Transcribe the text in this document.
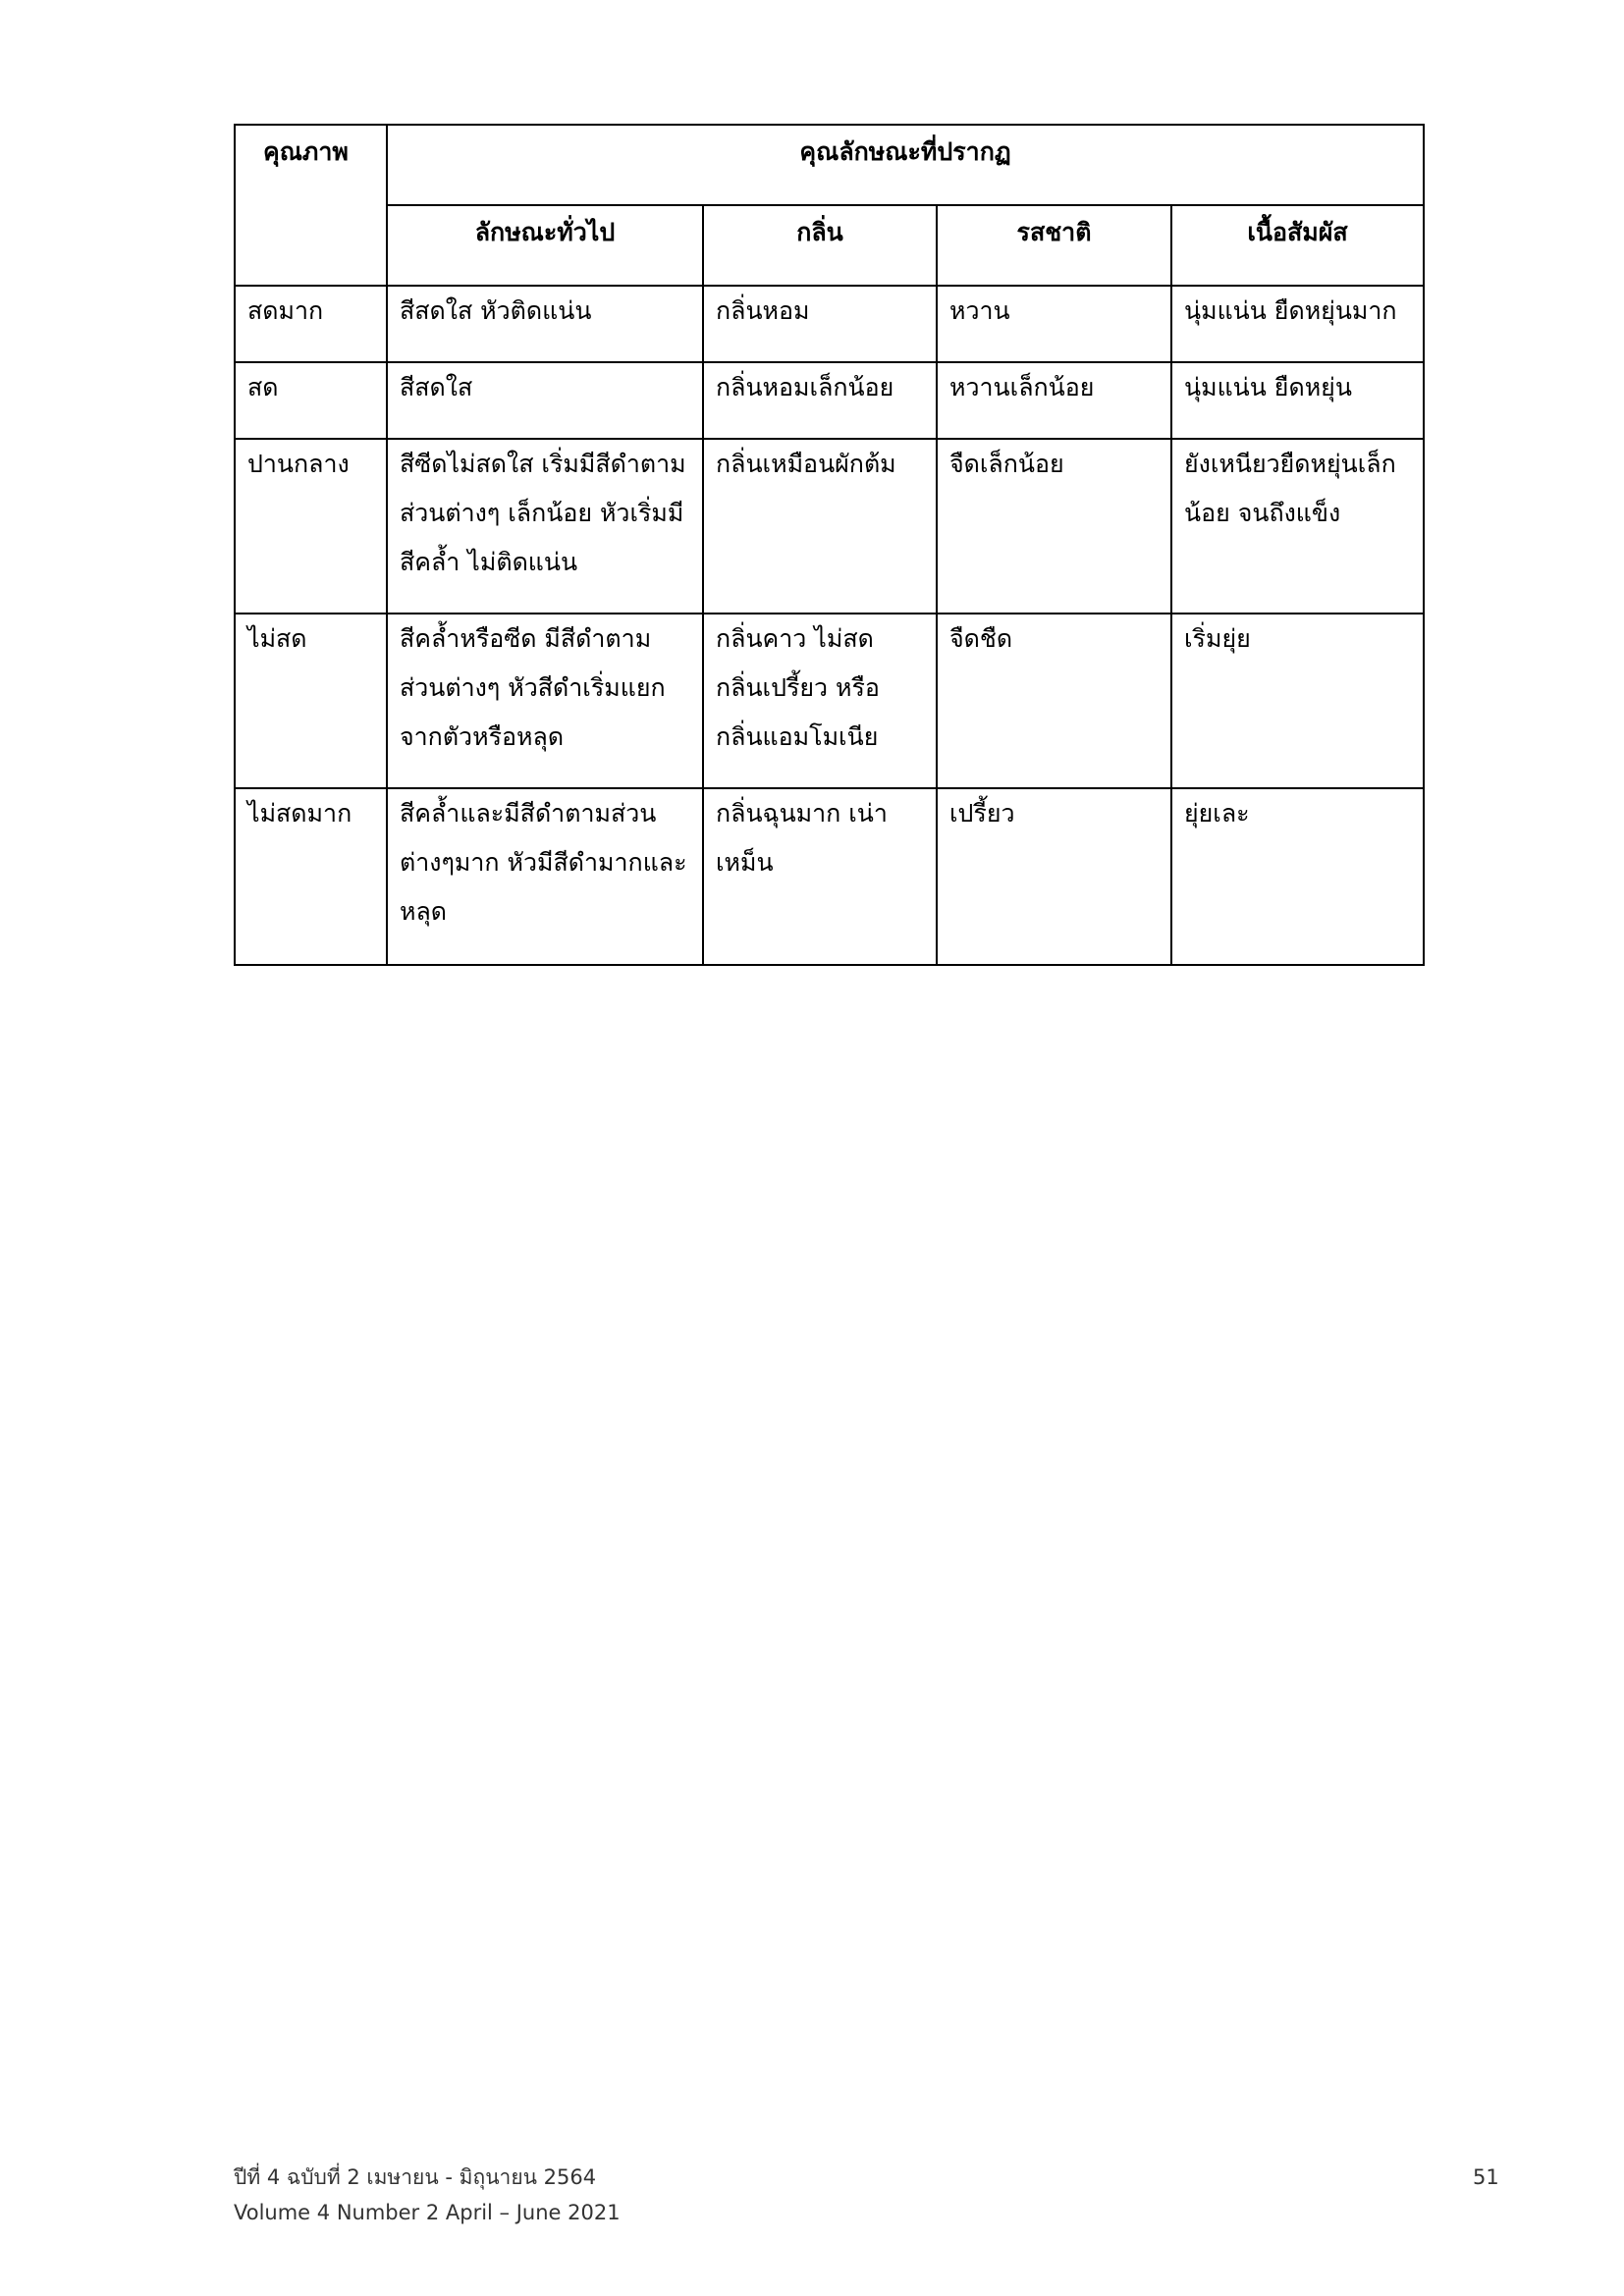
คุณภาพ	คุณลักษณะที่ปรากฏ			
	ลักษณะทั่วไป	กลิ่น	รสชาติ	เนื้อสัมผัส
สดมาก	สีสดใส หัวติดแน่น	กลิ่นหอม	หวาน	นุ่มแน่น ยืดหยุ่นมาก
สด	สีสดใส	กลิ่นหอมเล็กน้อย	หวานเล็กน้อย	นุ่มแน่น ยืดหยุ่น
ปานกลาง	สีซีดไม่สดใส เริ่มมีสีดำตามส่วนต่างๆ เล็กน้อย หัวเริ่มมีสีคล้ำ ไม่ติดแน่น	กลิ่นเหมือนผักต้ม	จืดเล็กน้อย	ยังเหนียวยืดหยุ่นเล็กน้อย จนถึงแข็ง
ไม่สด	สีคล้ำหรือซีด มีสีดำตามส่วนต่างๆ หัวสีดำเริ่มแยกจากตัวหรือหลุด	กลิ่นคาว ไม่สด กลิ่นเปรี้ยว หรือกลิ่นแอมโมเนีย	จืดชืด	เริ่มยุ่ย
ไม่สดมาก	สีคล้ำและมีสีดำตามส่วนต่างๆมาก หัวมีสีดำมากและหลุด	กลิ่นฉุนมาก เน่าเหม็น	เปรี้ยว	ยุ่ยเละ
ปีที่ 4 ฉบับที่ 2 เมษายน - มิถุนายน 2564
Volume 4 Number 2 April – June 2021
51
